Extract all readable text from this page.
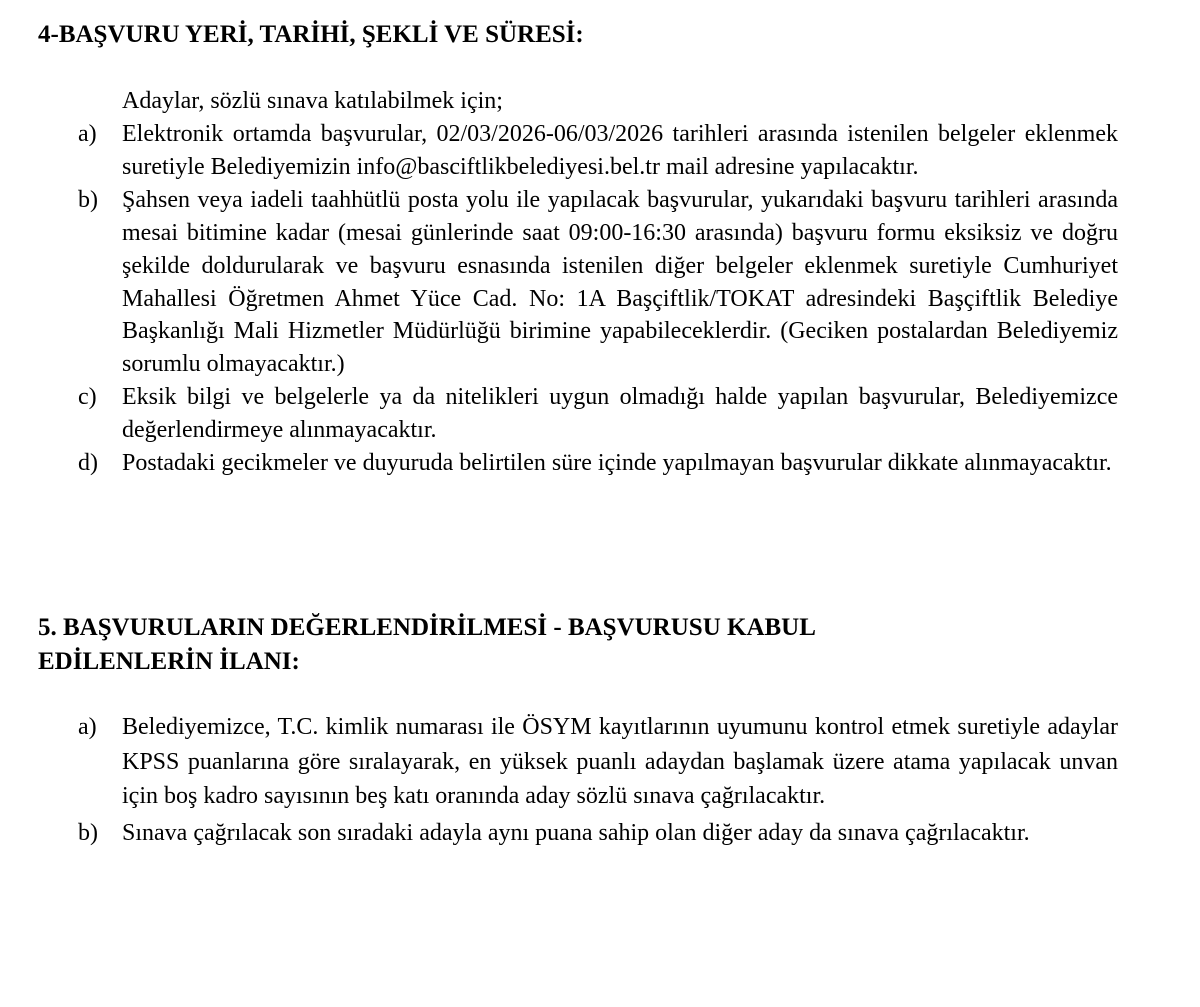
4-BAŞVURU YERİ, TARİHİ, ŞEKLİ VE SÜRESİ:

Adaylar, sözlü sınava katılabilmek için;

a)	Elektronik ortamda başvurular, 02/03/2026-06/03/2026 tarihleri arasında istenilen belgeler eklenmek suretiyle Belediyemizin info@basciftlikbelediyesi.bel.tr mail adresine yapılacaktır.
b)	Şahsen veya iadeli taahhütlü posta yolu ile yapılacak başvurular, yukarıdaki başvuru tarihleri arasında mesai bitimine kadar (mesai günlerinde saat 09:00-16:30 arasında) başvuru formu eksiksiz ve doğru şekilde doldurularak ve başvuru esnasında istenilen diğer belgeler eklenmek suretiyle Cumhuriyet Mahallesi Öğretmen Ahmet Yüce Cad. No: 1A Başçiftlik/TOKAT adresindeki Başçiftlik Belediye Başkanlığı Mali Hizmetler Müdürlüğü birimine yapabileceklerdir. (Geciken postalardan Belediyemiz sorumlu olmayacaktır.)
c)	Eksik bilgi ve belgelerle ya da nitelikleri uygun olmadığı halde yapılan başvurular, Belediyemizce değerlendirmeye alınmayacaktır.
d)	Postadaki gecikmeler ve duyuruda belirtilen süre içinde yapılmayan başvurular dikkate alınmayacaktır.
5. BAŞVURULARIN DEĞERLENDİRİLMESİ - BAŞVURUSU KABUL
EDİLENLERİN İLANI:
a)	Belediyemizce, T.C. kimlik numarası ile ÖSYM kayıtlarının uyumunu kontrol etmek suretiyle adaylar KPSS puanlarına göre sıralayarak, en yüksek puanlı adaydan başlamak üzere atama yapılacak unvan için boş kadro sayısının beş katı oranında aday sözlü sınava çağrılacaktır.
b)	Sınava çağrılacak son sıradaki adayla aynı puana sahip olan diğer aday da sınava çağrılacaktır.
